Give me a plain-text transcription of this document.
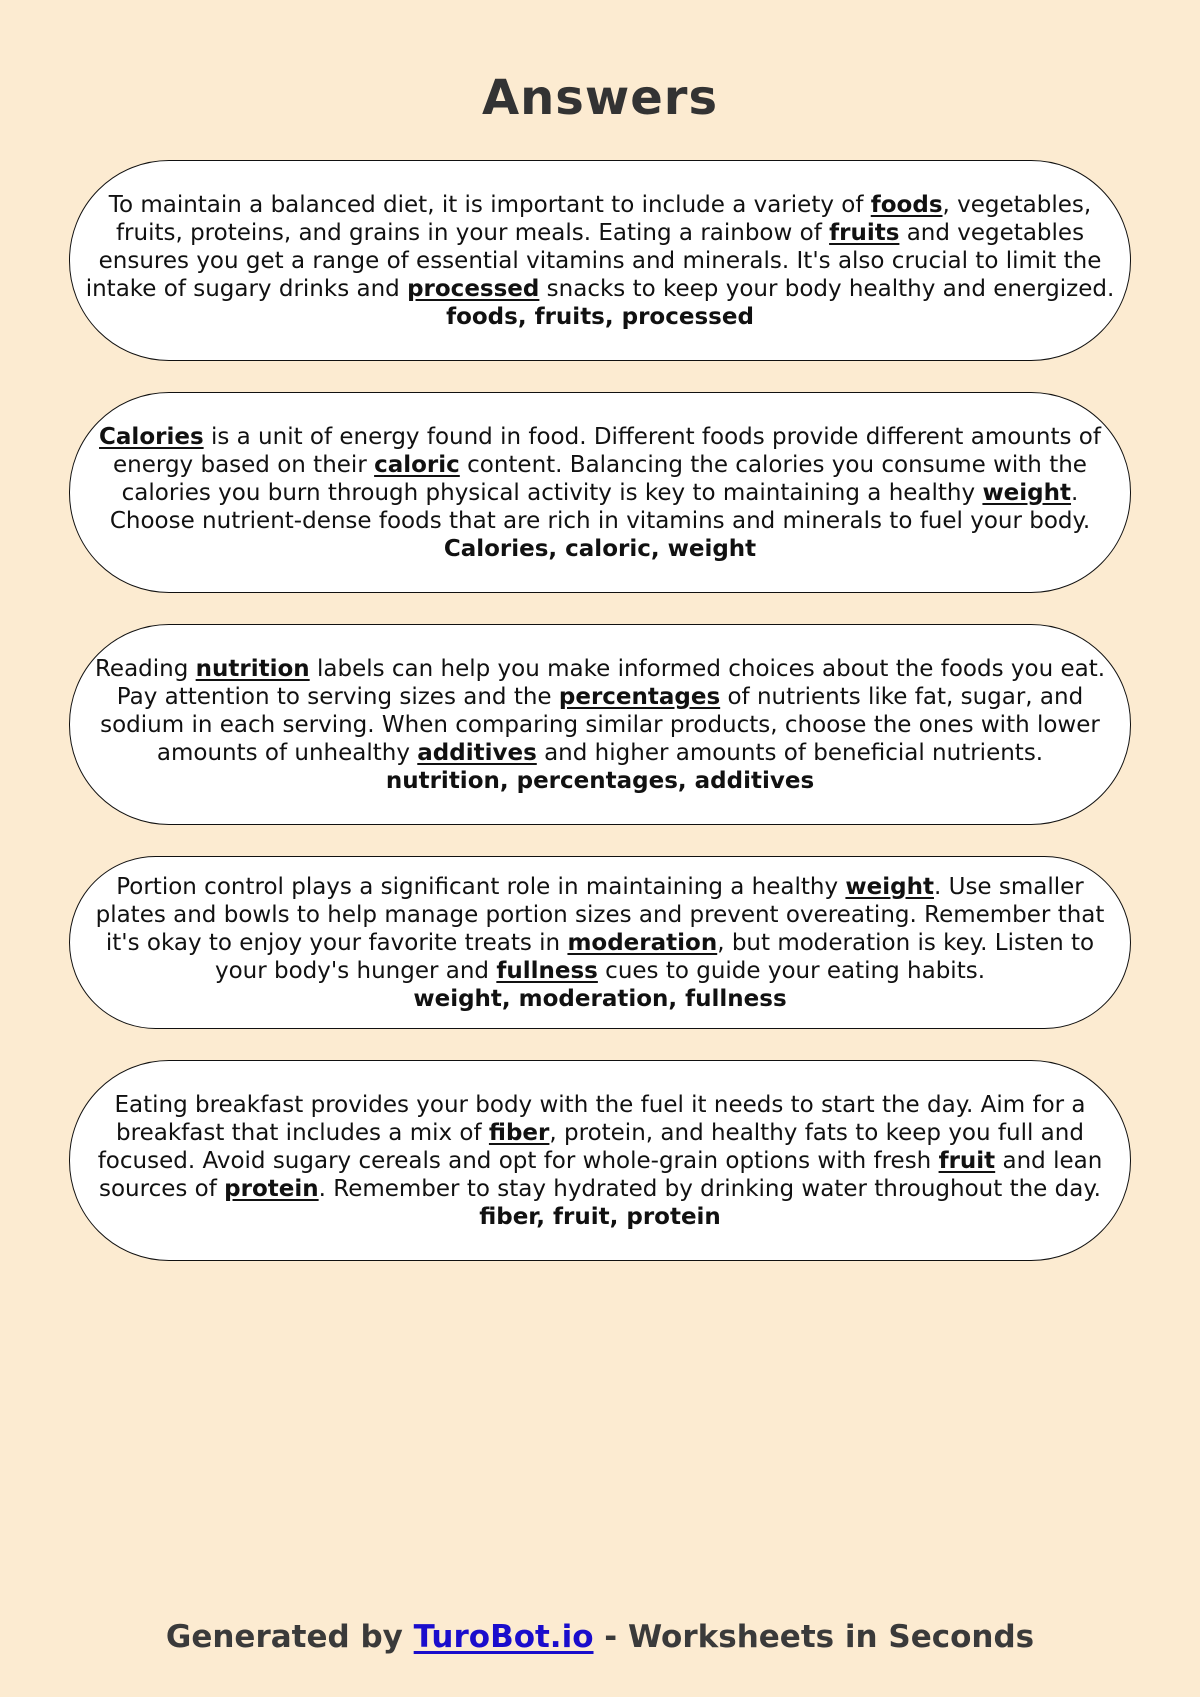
Answers

To maintain a balanced diet, it is important to include a variety of foods, vegetables, fruits, proteins, and grains in your meals. Eating a rainbow of fruits and vegetables ensures you get a range of essential vitamins and minerals. It's also crucial to limit the intake of sugary drinks and processed snacks to keep your body healthy and energized.

foods, fruits, processed

Calories is a unit of energy found in food. Different foods provide different amounts of energy based on their caloric content. Balancing the calories you consume with the calories you burn through physical activity is key to maintaining a healthy weight. Choose nutrient-dense foods that are rich in vitamins and minerals to fuel your body.

Calories, caloric, weight

Reading nutrition labels can help you make informed choices about the foods you eat. Pay attention to serving sizes and the percentages of nutrients like fat, sugar, and sodium in each serving. When comparing similar products, choose the ones with lower amounts of unhealthy additives and higher amounts of beneficial nutrients.

nutrition, percentages, additives

Portion control plays a significant role in maintaining a healthy weight. Use smaller plates and bowls to help manage portion sizes and prevent overeating. Remember that it's okay to enjoy your favorite treats in moderation, but moderation is key. Listen to your body's hunger and fullness cues to guide your eating habits.

weight, moderation, fullness

Eating breakfast provides your body with the fuel it needs to start the day. Aim for a breakfast that includes a mix of fiber, protein, and healthy fats to keep you full and focused. Avoid sugary cereals and opt for whole-grain options with fresh fruit and lean sources of protein. Remember to stay hydrated by drinking water throughout the day.

fiber, fruit, protein

Generated by TuroBot.io - Worksheets in Seconds
